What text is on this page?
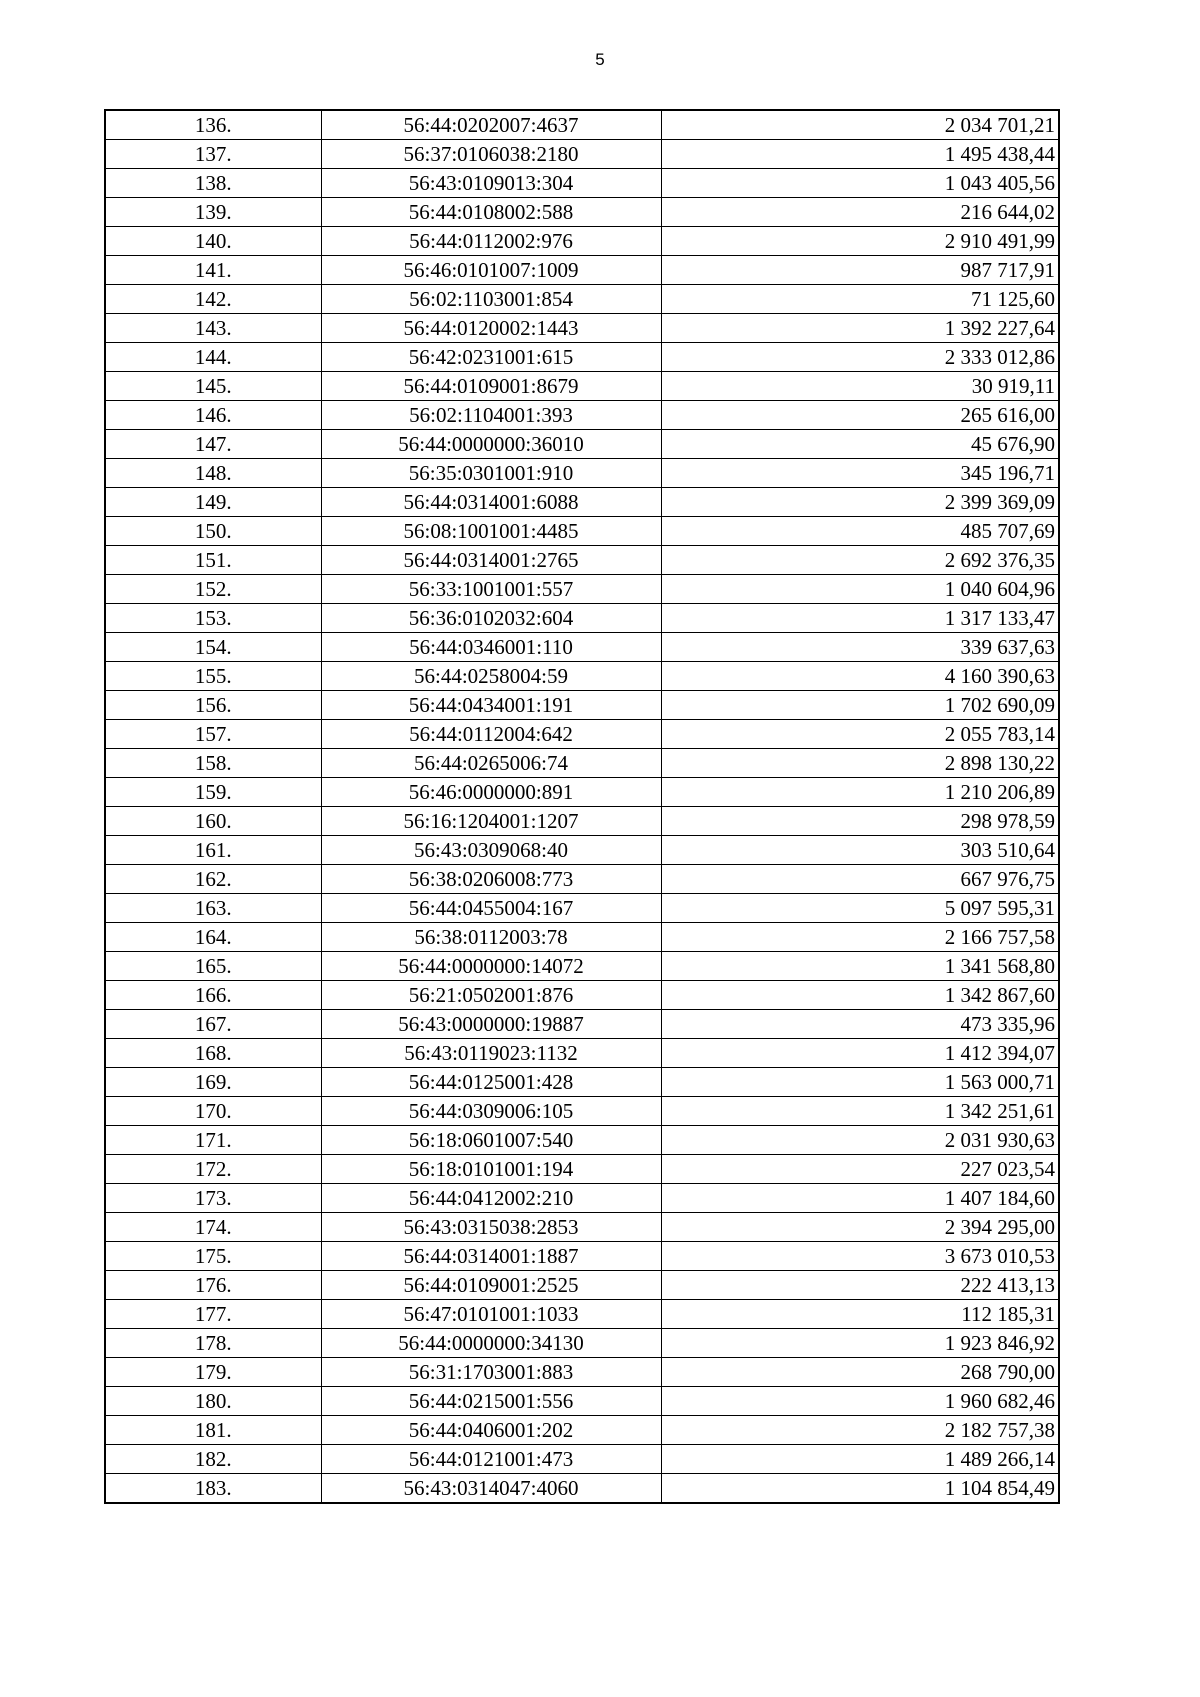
5
136.	56:44:0202007:4637	2 034 701,21
137.	56:37:0106038:2180	1 495 438,44
138.	56:43:0109013:304	1 043 405,56
139.	56:44:0108002:588	216 644,02
140.	56:44:0112002:976	2 910 491,99
141.	56:46:0101007:1009	987 717,91
142.	56:02:1103001:854	71 125,60
143.	56:44:0120002:1443	1 392 227,64
144.	56:42:0231001:615	2 333 012,86
145.	56:44:0109001:8679	30 919,11
146.	56:02:1104001:393	265 616,00
147.	56:44:0000000:36010	45 676,90
148.	56:35:0301001:910	345 196,71
149.	56:44:0314001:6088	2 399 369,09
150.	56:08:1001001:4485	485 707,69
151.	56:44:0314001:2765	2 692 376,35
152.	56:33:1001001:557	1 040 604,96
153.	56:36:0102032:604	1 317 133,47
154.	56:44:0346001:110	339 637,63
155.	56:44:0258004:59	4 160 390,63
156.	56:44:0434001:191	1 702 690,09
157.	56:44:0112004:642	2 055 783,14
158.	56:44:0265006:74	2 898 130,22
159.	56:46:0000000:891	1 210 206,89
160.	56:16:1204001:1207	298 978,59
161.	56:43:0309068:40	303 510,64
162.	56:38:0206008:773	667 976,75
163.	56:44:0455004:167	5 097 595,31
164.	56:38:0112003:78	2 166 757,58
165.	56:44:0000000:14072	1 341 568,80
166.	56:21:0502001:876	1 342 867,60
167.	56:43:0000000:19887	473 335,96
168.	56:43:0119023:1132	1 412 394,07
169.	56:44:0125001:428	1 563 000,71
170.	56:44:0309006:105	1 342 251,61
171.	56:18:0601007:540	2 031 930,63
172.	56:18:0101001:194	227 023,54
173.	56:44:0412002:210	1 407 184,60
174.	56:43:0315038:2853	2 394 295,00
175.	56:44:0314001:1887	3 673 010,53
176.	56:44:0109001:2525	222 413,13
177.	56:47:0101001:1033	112 185,31
178.	56:44:0000000:34130	1 923 846,92
179.	56:31:1703001:883	268 790,00
180.	56:44:0215001:556	1 960 682,46
181.	56:44:0406001:202	2 182 757,38
182.	56:44:0121001:473	1 489 266,14
183.	56:43:0314047:4060	1 104 854,49
